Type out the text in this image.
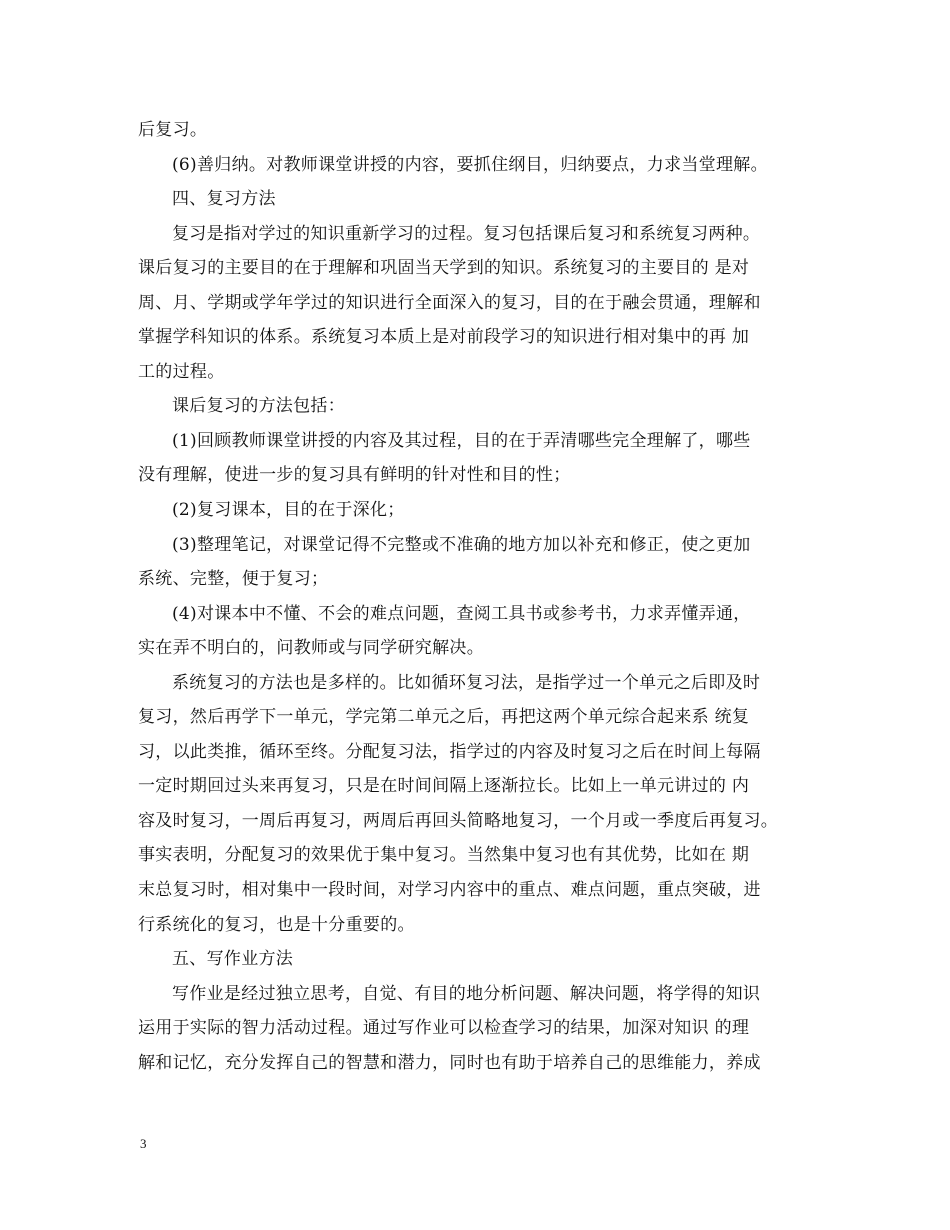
后复习。
(6)善归纳。对教师课堂讲授的内容，要抓住纲目，归纳要点，力求当堂理解。
四、复习方法
复习是指对学过的知识重新学习的过程。复习包括课后复习和系统复习两种。
课后复习的主要目的在于理解和巩固当天学到的知识。系统复习的主要目的 是对
周、月、学期或学年学过的知识进行全面深入的复习，目的在于融会贯通，理解和
掌握学科知识的体系。系统复习本质上是对前段学习的知识进行相对集中的再 加
工的过程。
课后复习的方法包括：
(1)回顾教师课堂讲授的内容及其过程，目的在于弄清哪些完全理解了，哪些
没有理解，使进一步的复习具有鲜明的针对性和目的性；
(2)复习课本，目的在于深化；
(3)整理笔记，对课堂记得不完整或不准确的地方加以补充和修正，使之更加
系统、完整，便于复习；
(4)对课本中不懂、不会的难点问题，查阅工具书或参考书，力求弄懂弄通，
实在弄不明白的，问教师或与同学研究解决。
系统复习的方法也是多样的。比如循环复习法，是指学过一个单元之后即及时
复习，然后再学下一单元，学完第二单元之后，再把这两个单元综合起来系 统复
习，以此类推，循环至终。分配复习法，指学过的内容及时复习之后在时间上每隔
一定时期回过头来再复习，只是在时间间隔上逐渐拉长。比如上一单元讲过的 内
容及时复习，一周后再复习，两周后再回头简略地复习，一个月或一季度后再复习。
事实表明，分配复习的效果优于集中复习。当然集中复习也有其优势，比如在 期
末总复习时，相对集中一段时间，对学习内容中的重点、难点问题，重点突破，进
行系统化的复习，也是十分重要的。
五、写作业方法
写作业是经过独立思考，自觉、有目的地分析问题、解决问题，将学得的知识
运用于实际的智力活动过程。通过写作业可以检查学习的结果，加深对知识 的理
解和记忆，充分发挥自己的智慧和潜力，同时也有助于培养自己的思维能力，养成
3
